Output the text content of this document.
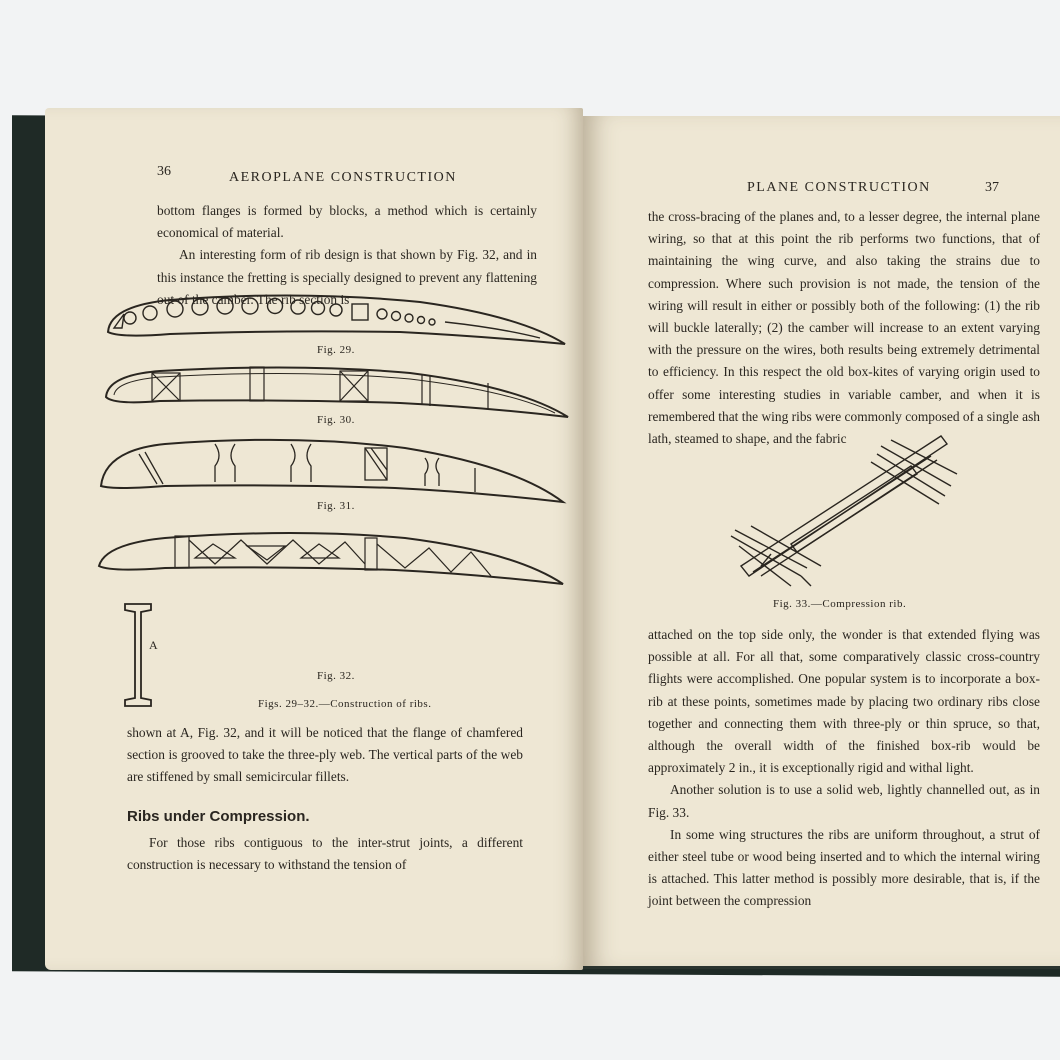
36	AEROPLANE CONSTRUCTION

bottom flanges is formed by blocks, a method which is certainly economical of material.

An interesting form of rib design is that shown by Fig. 32, and in this instance the fretting is specially designed to prevent any flattening out of the camber. The rib section is

Fig. 29.
Fig. 30.
Fig. 31.
A
Fig. 32.
Figs. 29–32.—Construction of ribs.

shown at A, Fig. 32, and it will be noticed that the flange of chamfered section is grooved to take the three-ply web. The vertical parts of the web are stiffened by small semicircular fillets.

Ribs under Compression.

For those ribs contiguous to the inter-strut joints, a different construction is necessary to withstand the tension of

PLANE CONSTRUCTION	37

the cross-bracing of the planes and, to a lesser degree, the internal plane wiring, so that at this point the rib performs two functions, that of maintaining the wing curve, and also taking the strains due to compression. Where such provision is not made, the tension of the wiring will result in either or possibly both of the following: (1) the rib will buckle laterally; (2) the camber will increase to an extent varying with the pressure on the wires, both results being extremely detrimental to efficiency. In this respect the old box-kites of varying origin used to offer some interesting studies in variable camber, and when it is remembered that the wing ribs were commonly composed of a single ash lath, steamed to shape, and the fabric

Fig. 33.—Compression rib.

attached on the top side only, the wonder is that extended flying was possible at all. For all that, some comparatively classic cross-country flights were accomplished. One popular system is to incorporate a box-rib at these points, sometimes made by placing two ordinary ribs close together and connecting them with three-ply or thin spruce, so that, although the overall width of the finished box-rib would be approximately 2 in., it is exceptionally rigid and withal light.

Another solution is to use a solid web, lightly channelled out, as in Fig. 33.

In some wing structures the ribs are uniform throughout, a strut of either steel tube or wood being inserted and to which the internal wiring is attached. This latter method is possibly more desirable, that is, if the joint between the compression
